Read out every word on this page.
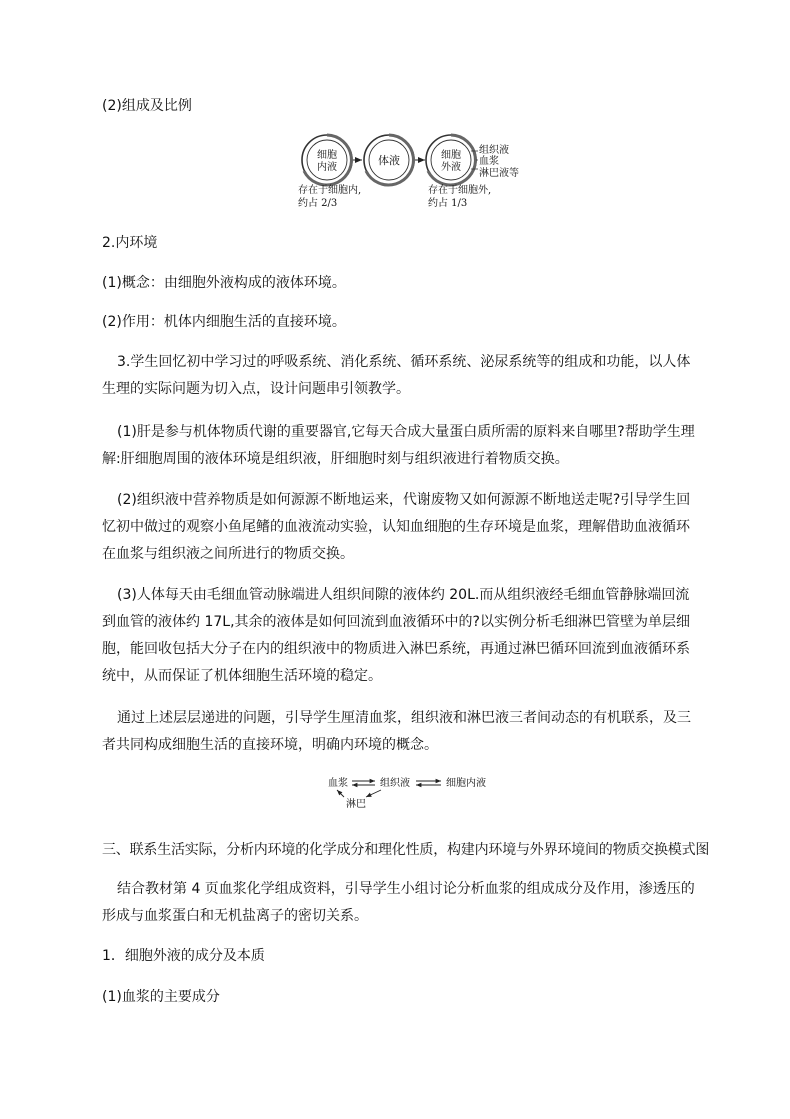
(2)组成及比例
细胞
内液
体液	细胞
外液
组织液
血浆
淋巴液等
存在于细胞内,
约占 2/3
存在于细胞外,
约占 1/3
2.内环境
(1)概念：由细胞外液构成的液体环境。
(2)作用：机体内细胞生活的直接环境。
3.学生回忆初中学习过的呼吸系统、消化系统、循环系统、泌尿系统等的组成和功能，以人体生理的实际问题为切入点，设计问题串引领教学。
(1)肝是参与机体物质代谢的重要器官,它每天合成大量蛋白质所需的原料来自哪里?帮助学生理解:肝细胞周围的液体环境是组织液，肝细胞时刻与组织液进行着物质交换。
(2)组织液中营养物质是如何源源不断地运来，代谢废物又如何源源不断地送走呢?引导学生回忆初中做过的观察小鱼尾鳍的血液流动实验，认知血细胞的生存环境是血浆，理解借助血液循环在血浆与组织液之间所进行的物质交换。
(3)人体每天由毛细血管动脉端进人组织间隙的液体约 20L.而从组织液经毛细血管静脉端回流到血管的液体约 17L,其余的液体是如何回流到血液循环中的?以实例分析毛细淋巴管壁为单层细胞，能回收包括大分子在内的组织液中的物质进入淋巴系统，再通过淋巴循环回流到血液循环系统中，从而保证了机体细胞生活环境的稳定。
通过上述层层递进的问题，引导学生厘清血浆，组织液和淋巴液三者间动态的有机联系，及三者共同构成细胞生活的直接环境，明确内环境的概念。
血浆	组织液	细胞内液
淋巴
三、联系生活实际，分析内环境的化学成分和理化性质，构建内环境与外界环境间的物质交换模式图
结合教材第 4 页血浆化学组成资料，引导学生小组讨论分析血浆的组成成分及作用，渗透压的形成与血浆蛋白和无机盐离子的密切关系。
1．细胞外液的成分及本质
(1)血浆的主要成分
